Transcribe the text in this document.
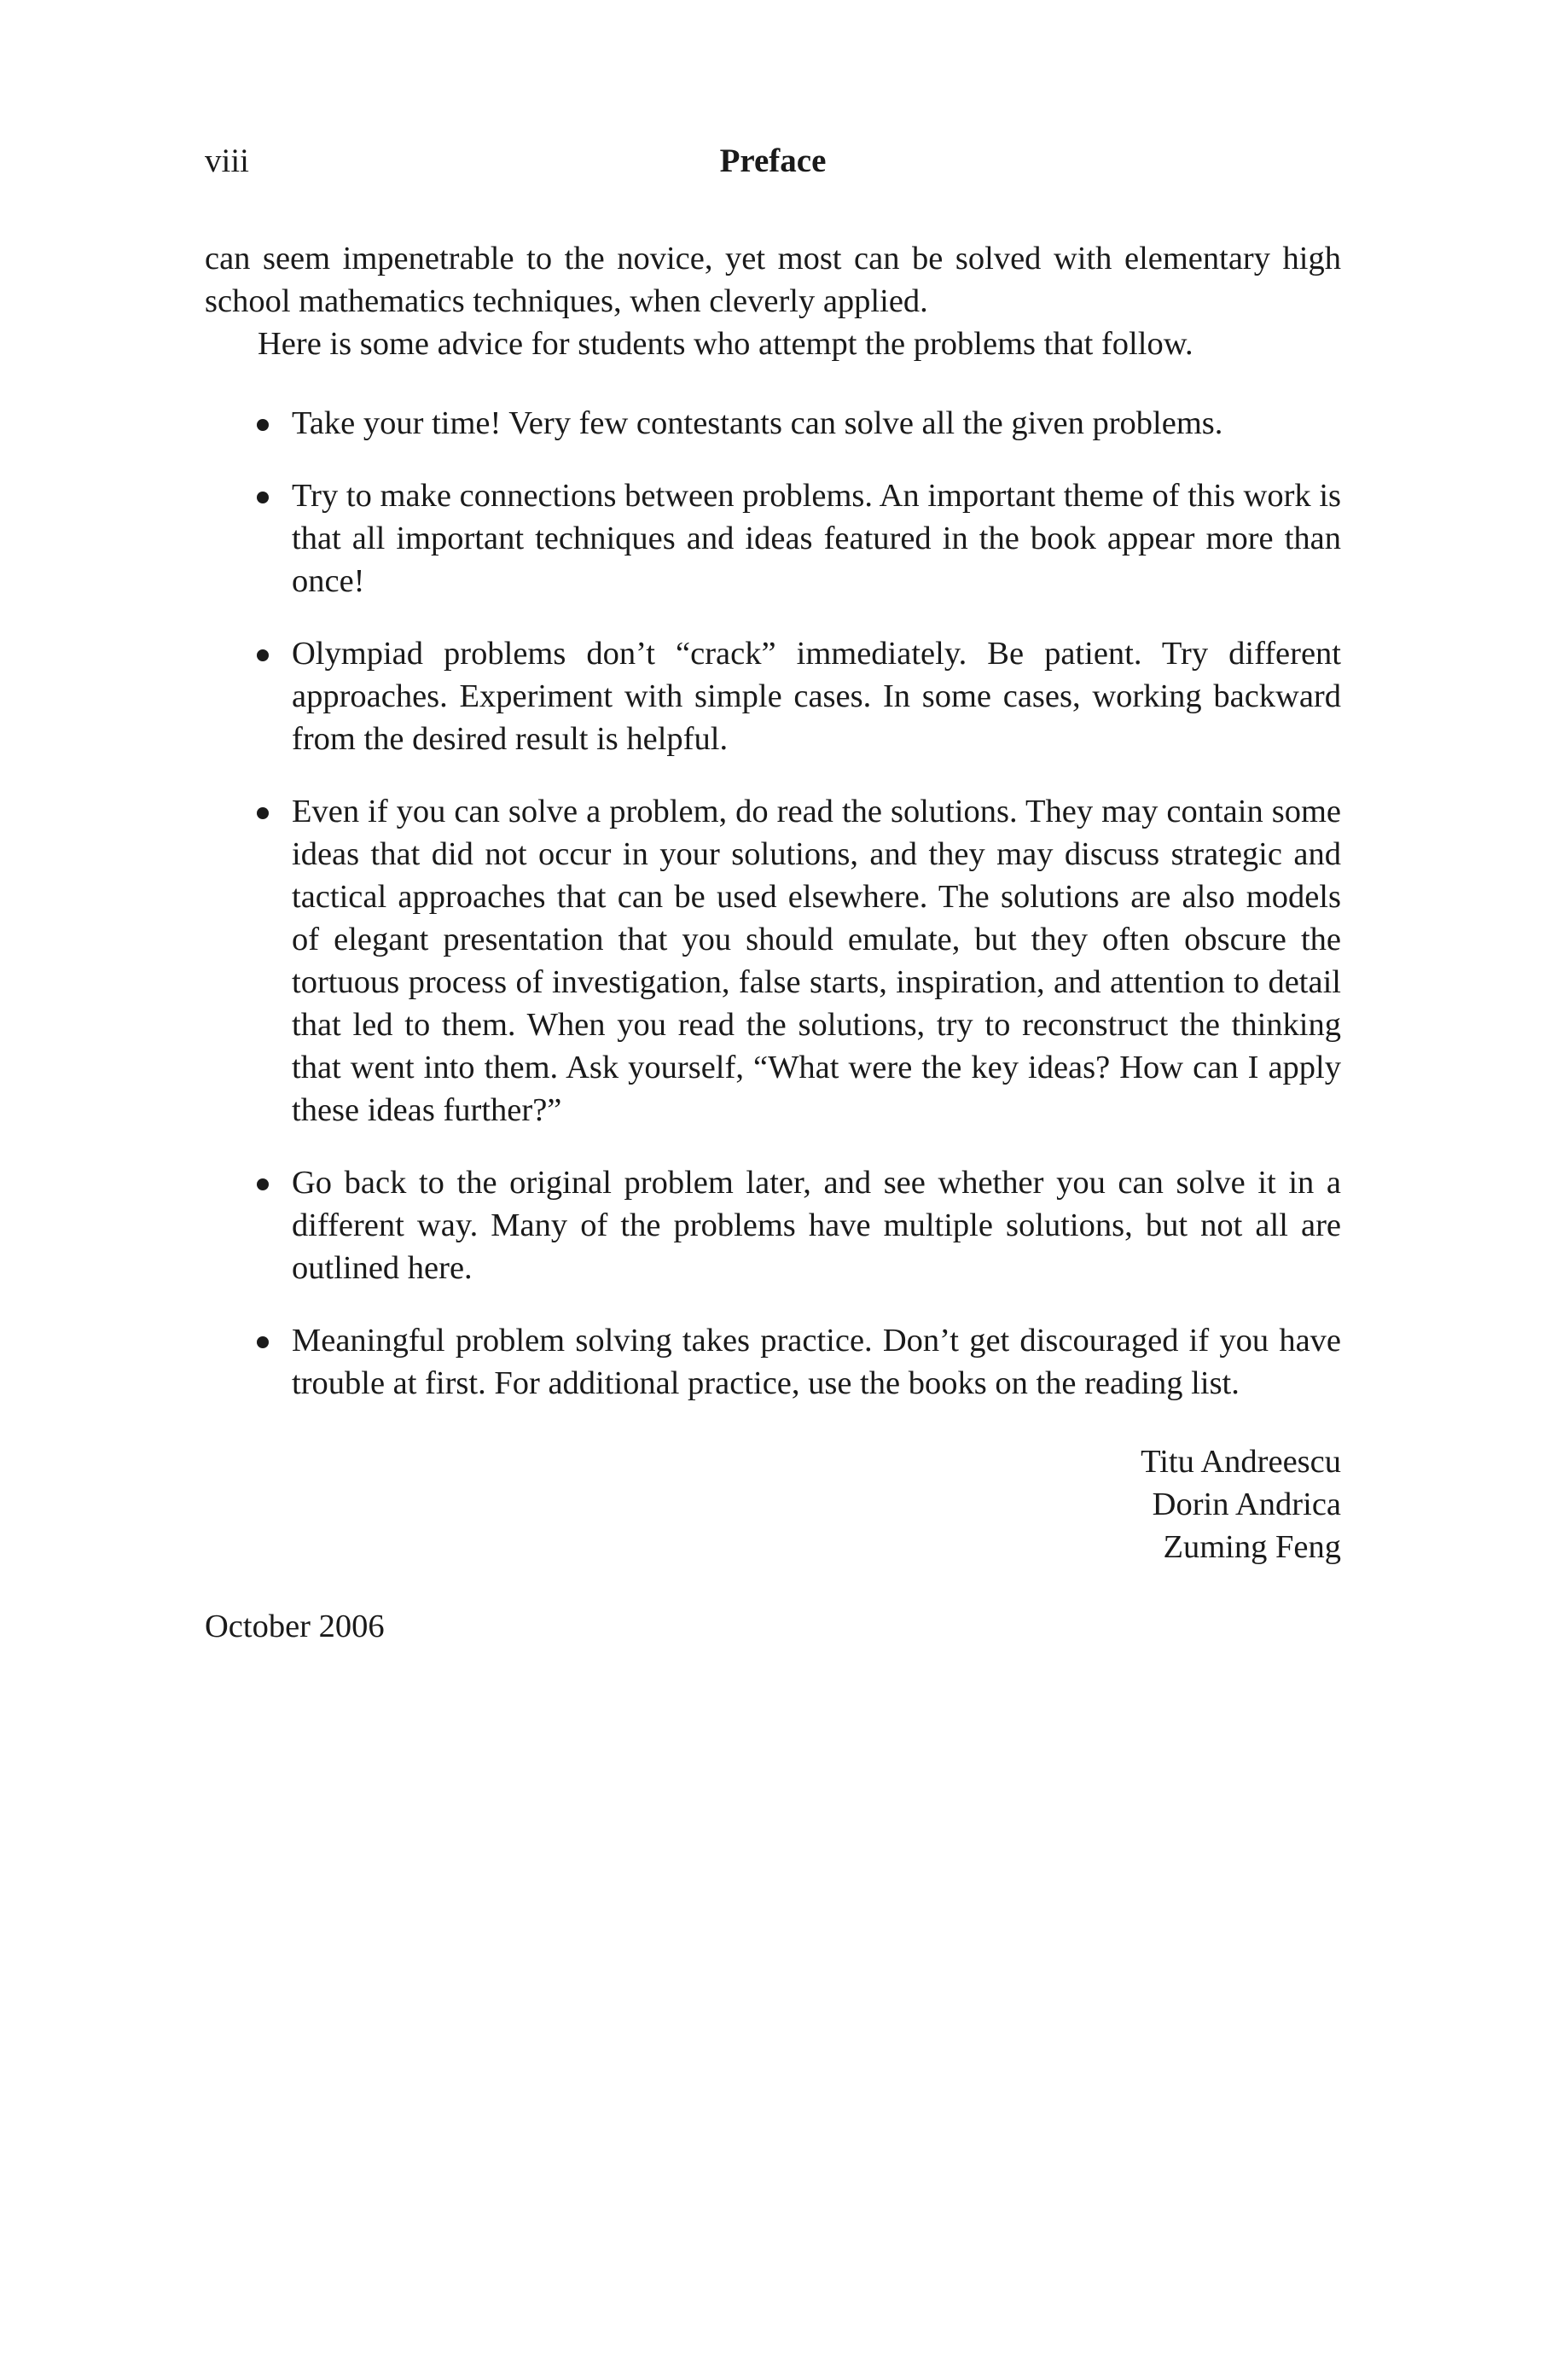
viii	Preface

can seem impenetrable to the novice, yet most can be solved with elementary high school mathematics techniques, when cleverly applied.

Here is some advice for students who attempt the problems that follow.

Take your time! Very few contestants can solve all the given problems.
Try to make connections between problems. An important theme of this work is that all important techniques and ideas featured in the book appear more than once!
Olympiad problems don’t “crack” immediately. Be patient. Try different approaches. Experiment with simple cases. In some cases, working backward from the desired result is helpful.
Even if you can solve a problem, do read the solutions. They may contain some ideas that did not occur in your solutions, and they may discuss strategic and tactical approaches that can be used elsewhere. The solutions are also models of elegant presentation that you should emulate, but they often obscure the tortuous process of investigation, false starts, inspiration, and attention to detail that led to them. When you read the solutions, try to reconstruct the thinking that went into them. Ask yourself, “What were the key ideas? How can I apply these ideas further?”
Go back to the original problem later, and see whether you can solve it in a different way. Many of the problems have multiple solutions, but not all are outlined here.
Meaningful problem solving takes practice. Don’t get discouraged if you have trouble at first. For additional practice, use the books on the reading list.
Titu Andreescu
Dorin Andrica
Zuming Feng
October 2006
